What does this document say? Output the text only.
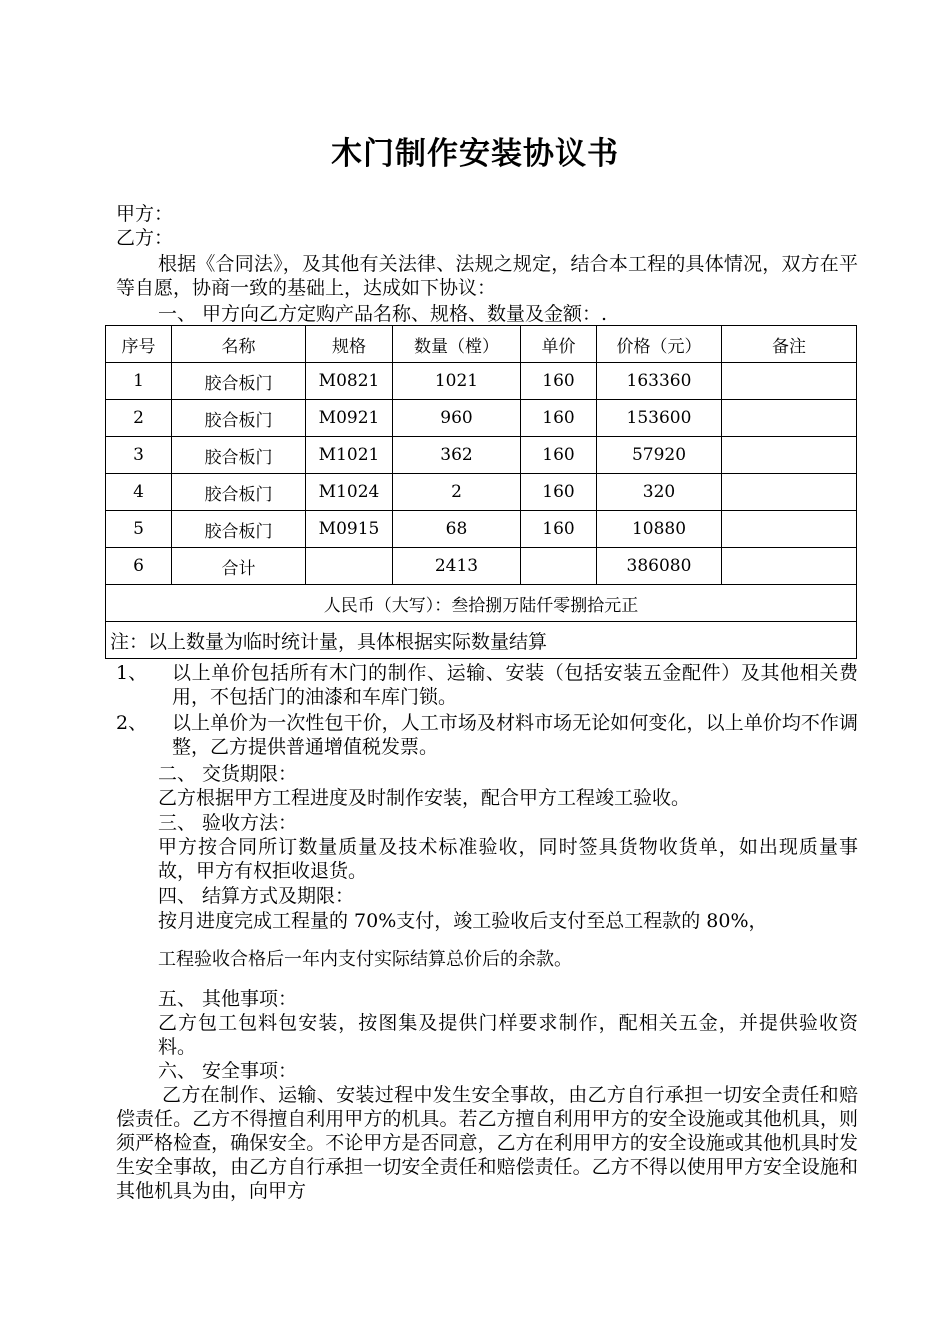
木门制作安装协议书
甲方：
乙方：
根据《合同法》，及其他有关法律、法规之规定，结合本工程的具体情况，双方在平等自愿，协商一致的基础上，达成如下协议：
一、 甲方向乙方定购产品名称、规格、数量及金额：.
序号	名称	规格	数量（樘）	单价	价格（元）	备注
1	胶合板门	M0821	1021	160	163360	
2	胶合板门	M0921	960	160	153600	
3	胶合板门	M1021	362	160	57920	
4	胶合板门	M1024	2	160	320	
5	胶合板门	M0915	68	160	10880	
6	合计		2413		386080	
人民币（大写）：叁拾捌万陆仟零捌拾元正						
注：以上数量为临时统计量，具体根据实际数量结算						
1、 以上单价包括所有木门的制作、运输、安装（包括安装五金配件）及其他相关费用，不包括门的油漆和车库门锁。
2、 以上单价为一次性包干价，人工市场及材料市场无论如何变化，以上单价均不作调整，乙方提供普通增值税发票。
二、 交货期限：
乙方根据甲方工程进度及时制作安装，配合甲方工程竣工验收。
三、 验收方法：
甲方按合同所订数量质量及技术标准验收，同时签具货物收货单，如出现质量事故，甲方有权拒收退货。
四、 结算方式及期限：
按月进度完成工程量的 70%支付，竣工验收后支付至总工程款的 80%，
工程验收合格后一年内支付实际结算总价后的余款。
五、 其他事项：
乙方包工包料包安装，按图集及提供门样要求制作，配相关五金，并提供验收资料。
六、 安全事项：
乙方在制作、运输、安装过程中发生安全事故，由乙方自行承担一切安全责任和赔偿责任。乙方不得擅自利用甲方的机具。若乙方擅自利用甲方的安全设施或其他机具，则须严格检查，确保安全。不论甲方是否同意，乙方在利用甲方的安全设施或其他机具时发生安全事故，由乙方自行承担一切安全责任和赔偿责任。乙方不得以使用甲方安全设施和其他机具为由，向甲方
